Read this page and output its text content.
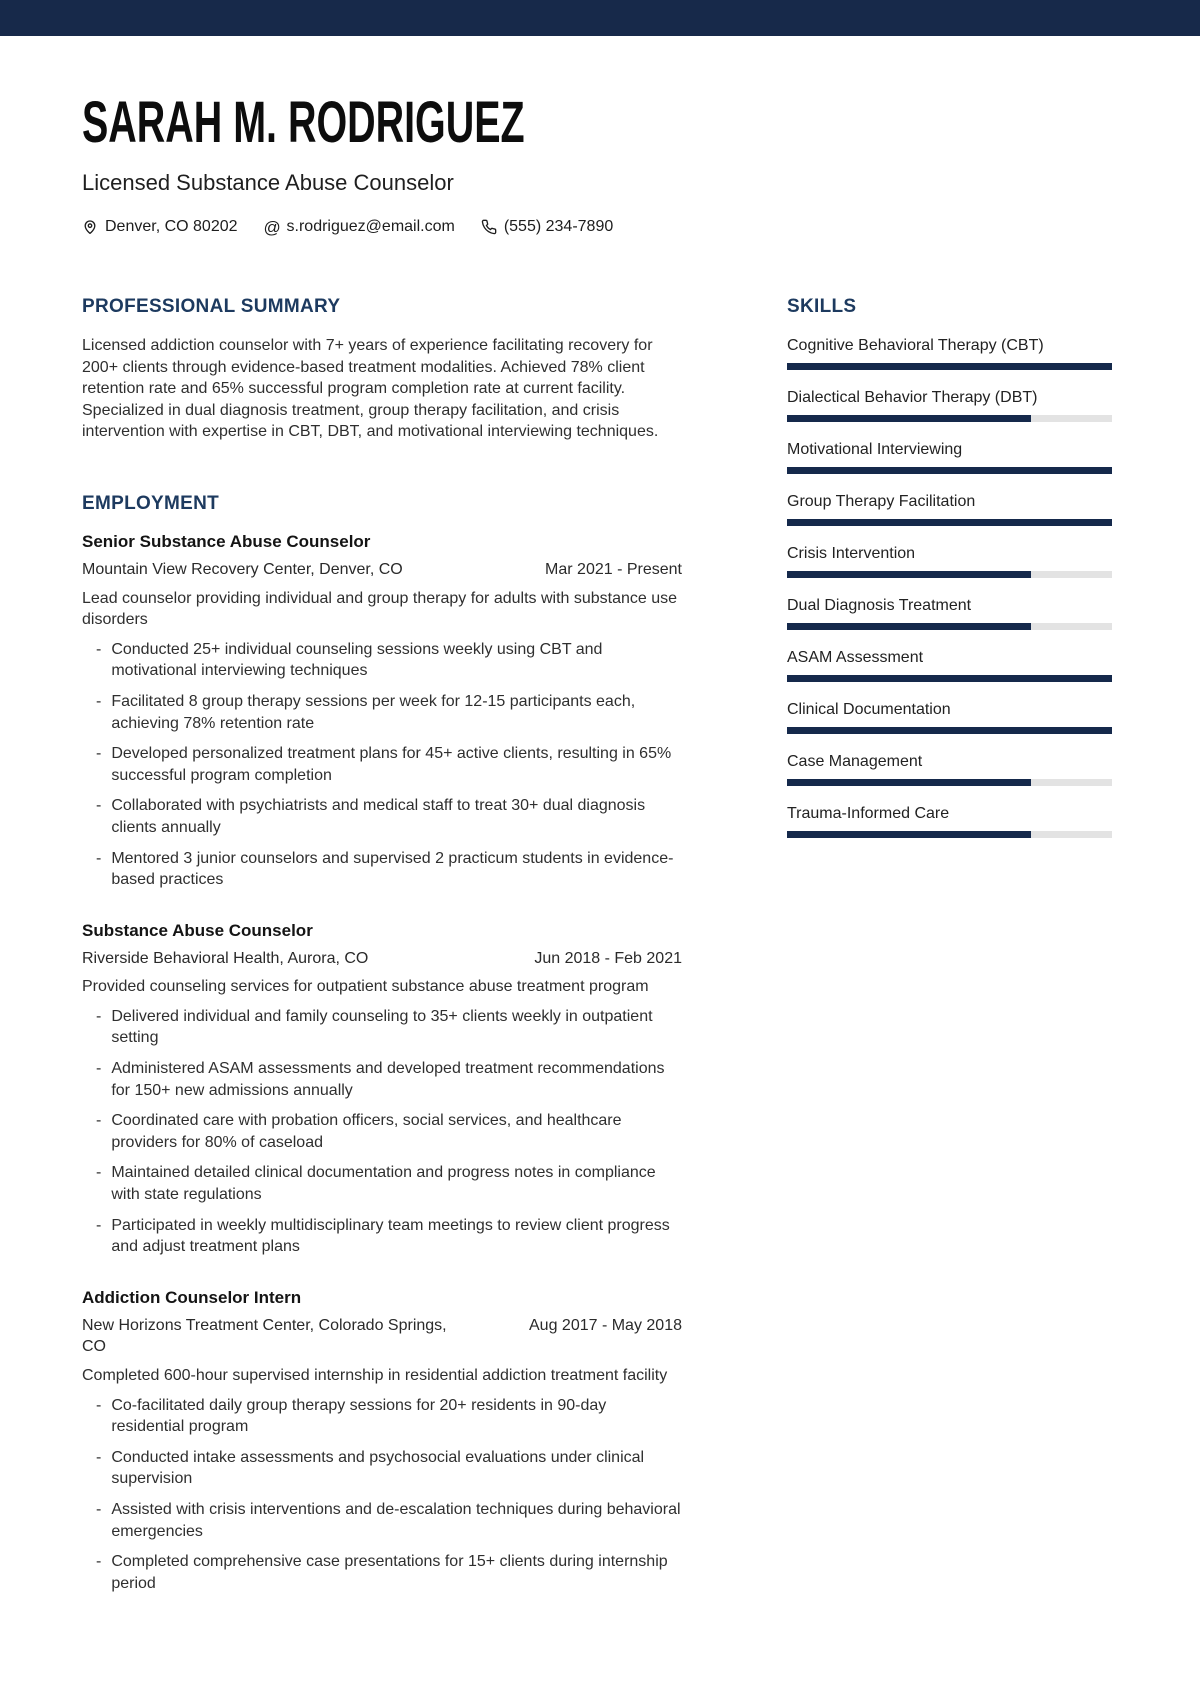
SARAH M. RODRIGUEZ
Licensed Substance Abuse Counselor
Denver, CO 80202 @ s.rodriguez@email.com	(555) 234-7890
PROFESSIONAL SUMMARY
Licensed addiction counselor with 7+ years of experience facilitating recovery for 200+ clients through evidence-based treatment modalities. Achieved 78% client retention rate and 65% successful program completion rate at current facility. Specialized in dual diagnosis treatment, group therapy facilitation, and crisis intervention with expertise in CBT, DBT, and motivational interviewing techniques.
EMPLOYMENT
Senior Substance Abuse Counselor
Mountain View Recovery Center, Denver, CO	Mar 2021 - Present
Lead counselor providing individual and group therapy for adults with substance use disorders
- Conducted 25+ individual counseling sessions weekly using CBT and motivational interviewing techniques
- Facilitated 8 group therapy sessions per week for 12-15 participants each, achieving 78% retention rate
- Developed personalized treatment plans for 45+ active clients, resulting in 65% successful program completion
- Collaborated with psychiatrists and medical staff to treat 30+ dual diagnosis clients annually
- Mentored 3 junior counselors and supervised 2 practicum students in evidence-based practices
Substance Abuse Counselor
Riverside Behavioral Health, Aurora, CO	Jun 2018 - Feb 2021
Provided counseling services for outpatient substance abuse treatment program
- Delivered individual and family counseling to 35+ clients weekly in outpatient setting
- Administered ASAM assessments and developed treatment recommendations for 150+ new admissions annually
- Coordinated care with probation officers, social services, and healthcare providers for 80% of caseload
- Maintained detailed clinical documentation and progress notes in compliance with state regulations
- Participated in weekly multidisciplinary team meetings to review client progress and adjust treatment plans
Addiction Counselor Intern
New Horizons Treatment Center, Colorado Springs, CO
Aug 2017 - May 2018
Completed 600-hour supervised internship in residential addiction treatment facility
- Co-facilitated daily group therapy sessions for 20+ residents in 90-day residential program
- Conducted intake assessments and psychosocial evaluations under clinical supervision
- Assisted with crisis interventions and de-escalation techniques during behavioral emergencies
- Completed comprehensive case presentations for 15+ clients during internship period
SKILLS
Cognitive Behavioral Therapy (CBT)
Dialectical Behavior Therapy (DBT)
Motivational Interviewing
Group Therapy Facilitation
Crisis Intervention
Dual Diagnosis Treatment
ASAM Assessment
Clinical Documentation
Case Management
Trauma-Informed Care
